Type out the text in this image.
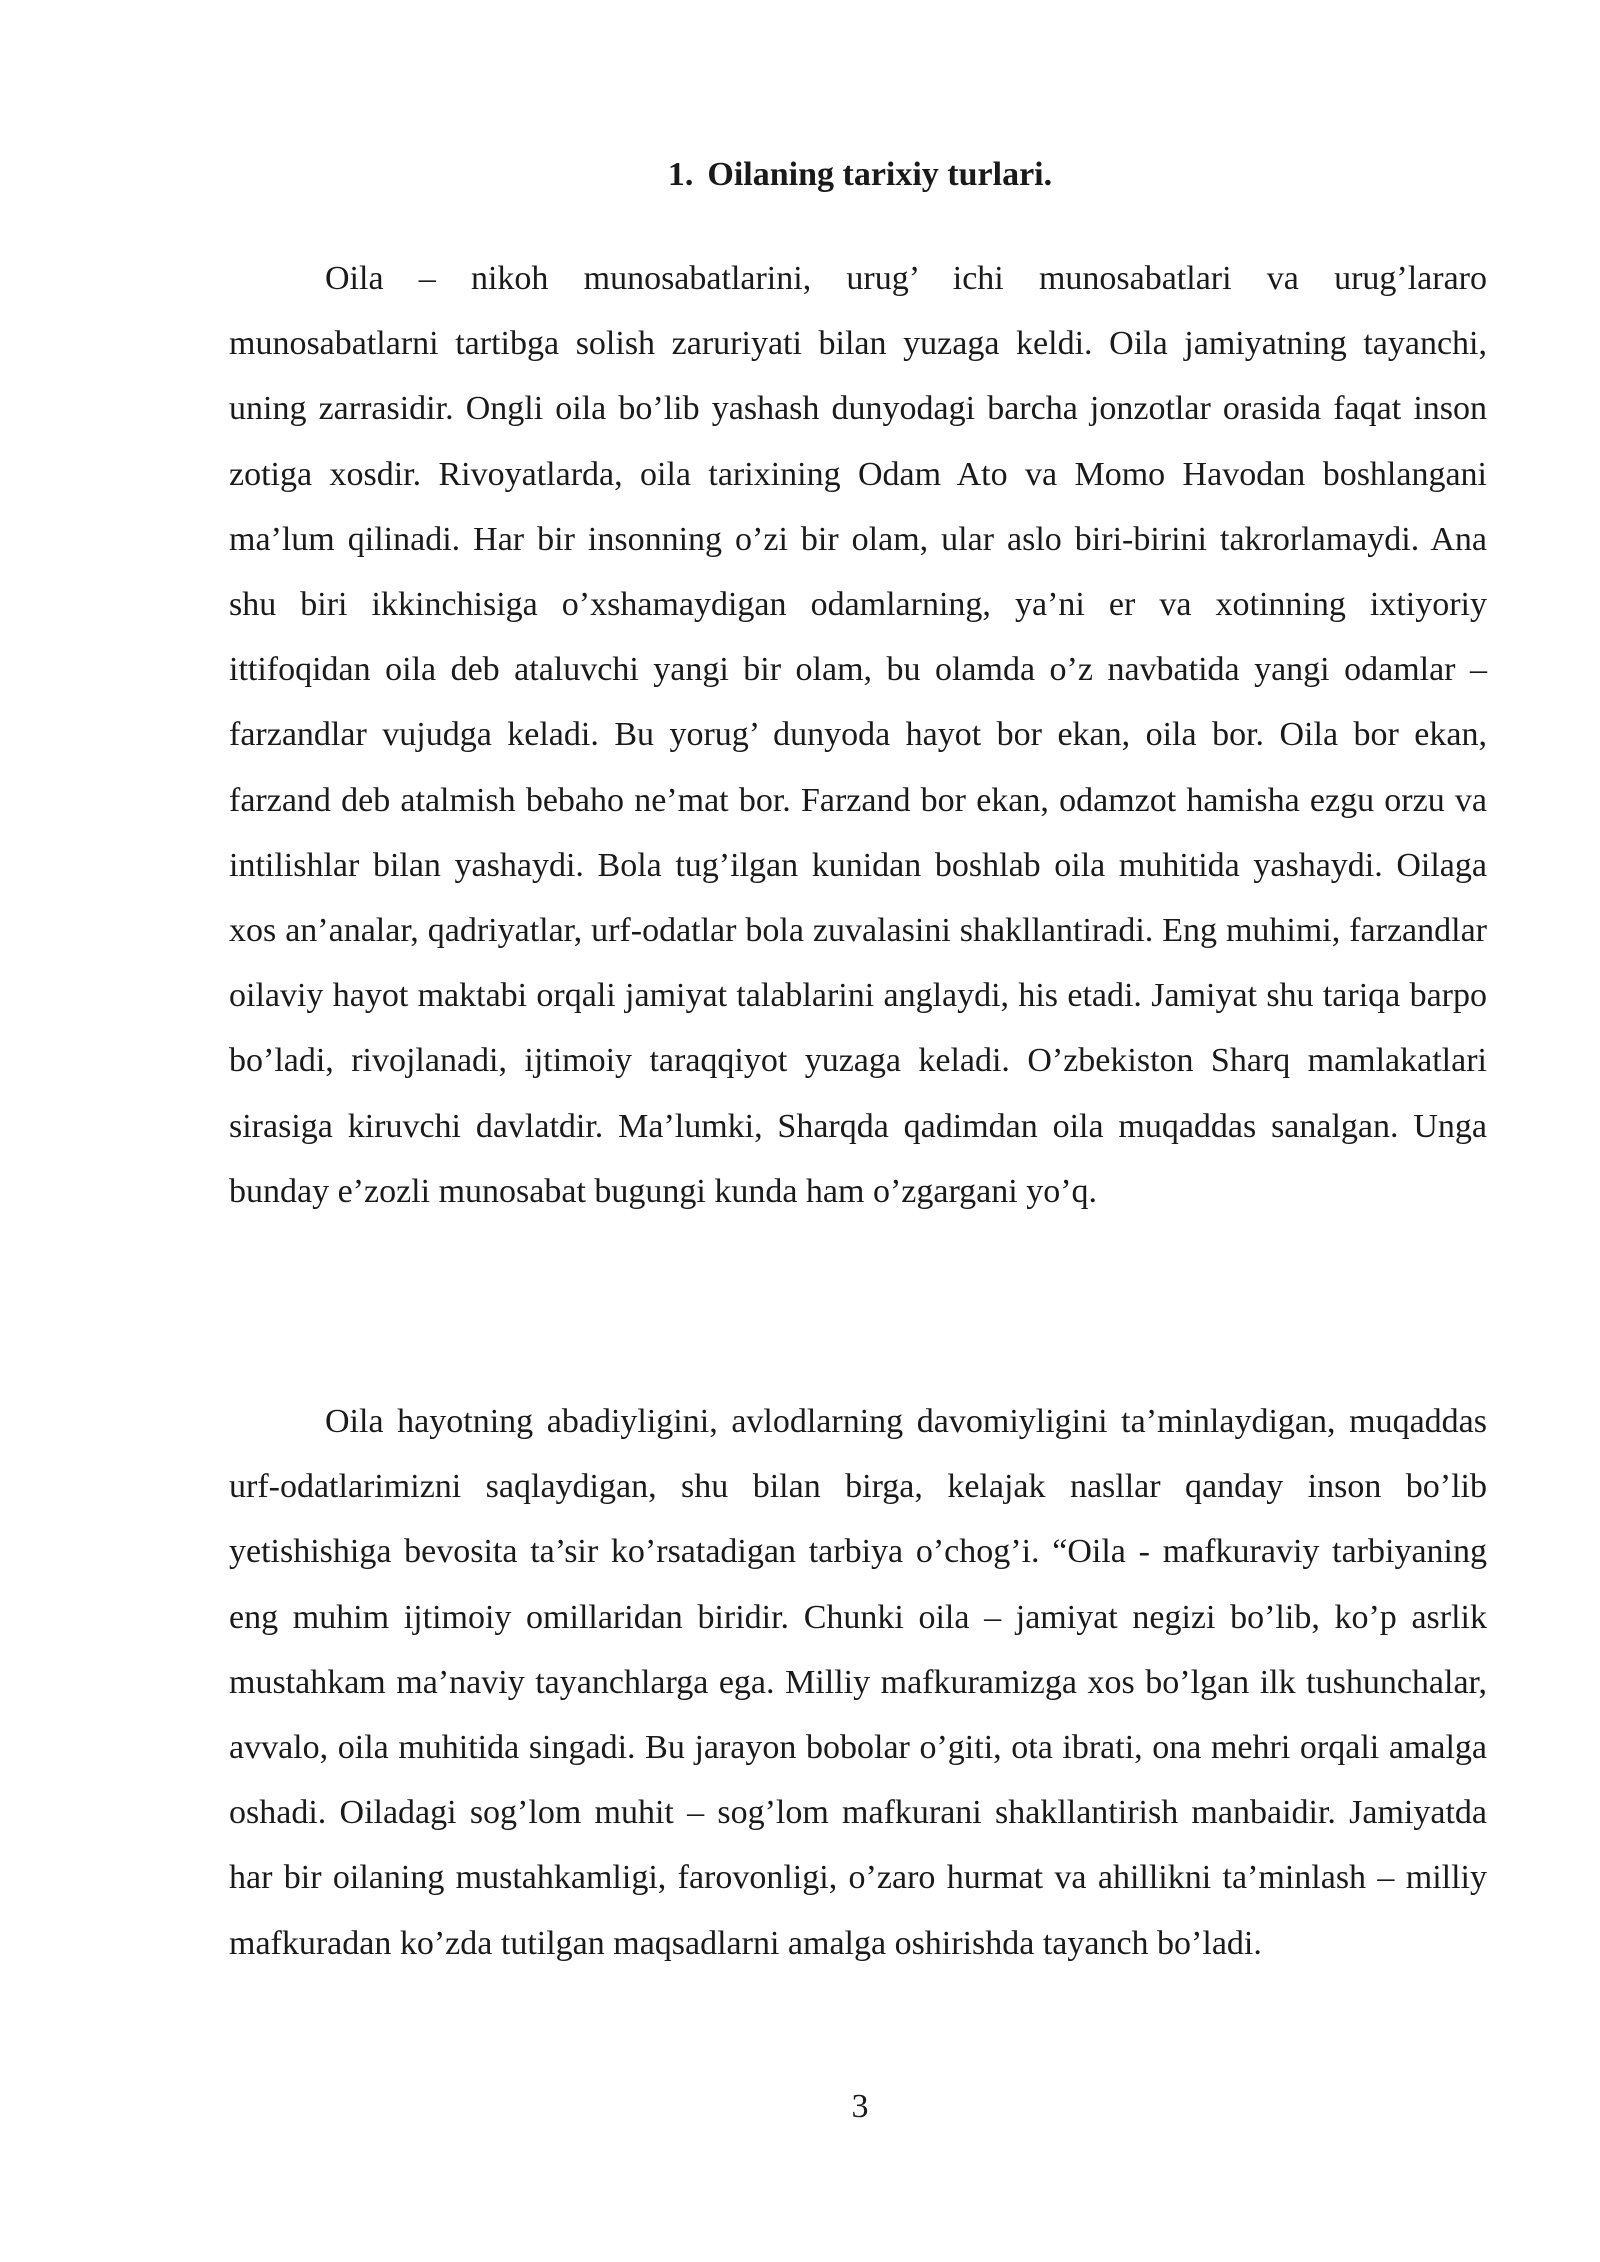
1. Oilaning tarixiy turlari.

Oila – nikoh munosabatlarini, urug’ ichi munosabatlari va urug’lararo munosabatlarni tartibga solish zaruriyati bilan yuzaga keldi. Oila jamiyatning tayanchi, uning zarrasidir. Ongli oila bo’lib yashash dunyodagi barcha jonzotlar orasida faqat inson zotiga xosdir. Rivoyatlarda, oila tarixining Odam Ato va Momo Havodan boshlangani ma’lum qilinadi. Har bir insonning o’zi bir olam, ular aslo biri-birini takrorlamaydi. Ana shu biri ikkinchisiga o’xshamaydigan odamlarning, ya’ni er va xotinning ixtiyoriy ittifoqidan oila deb ataluvchi yangi bir olam, bu olamda o’z navbatida yangi odamlar – farzandlar vujudga keladi. Bu yorug’ dunyoda hayot bor ekan, oila bor. Oila bor ekan, farzand deb atalmish bebaho ne’mat bor. Farzand bor ekan, odamzot hamisha ezgu orzu va intilishlar bilan yashaydi. Bola tug’ilgan kunidan boshlab oila muhitida yashaydi. Oilaga xos an’analar, qadriyatlar, urf-odatlar bola zuvalasini shakllantiradi. Eng muhimi, farzandlar oilaviy hayot maktabi orqali jamiyat talablarini anglaydi, his etadi. Jamiyat shu tariqa barpo bo’ladi, rivojlanadi, ijtimoiy taraqqiyot yuzaga keladi. O’zbekiston Sharq mamlakatlari sirasiga kiruvchi davlatdir. Ma’lumki, Sharqda qadimdan oila muqaddas sanalgan. Unga bunday e’zozli munosabat bugungi kunda ham o’zgargani yo’q.

Oila hayotning abadiyligini, avlodlarning davomiyligini ta’minlaydigan, muqaddas urf-odatlarimizni saqlaydigan, shu bilan birga, kelajak nasllar qanday inson bo’lib yetishishiga bevosita ta’sir ko’rsatadigan tarbiya o’chog’i. “Oila - mafkuraviy tarbiyaning eng muhim ijtimoiy omillaridan biridir. Chunki oila – jamiyat negizi bo’lib, ko’p asrlik mustahkam ma’naviy tayanchlarga ega. Milliy mafkuramizga xos bo’lgan ilk tushunchalar, avvalo, oila muhitida singadi. Bu jarayon bobolar o’giti, ota ibrati, ona mehri orqali amalga oshadi. Oiladagi sog’lom muhit – sog’lom mafkurani shakllantirish manbaidir. Jamiyatda har bir oilaning mustahkamligi, farovonligi, o’zaro hurmat va ahillikni ta’minlash – milliy mafkuradan ko’zda tutilgan maqsadlarni amalga oshirishda tayanch bo’ladi.

3
